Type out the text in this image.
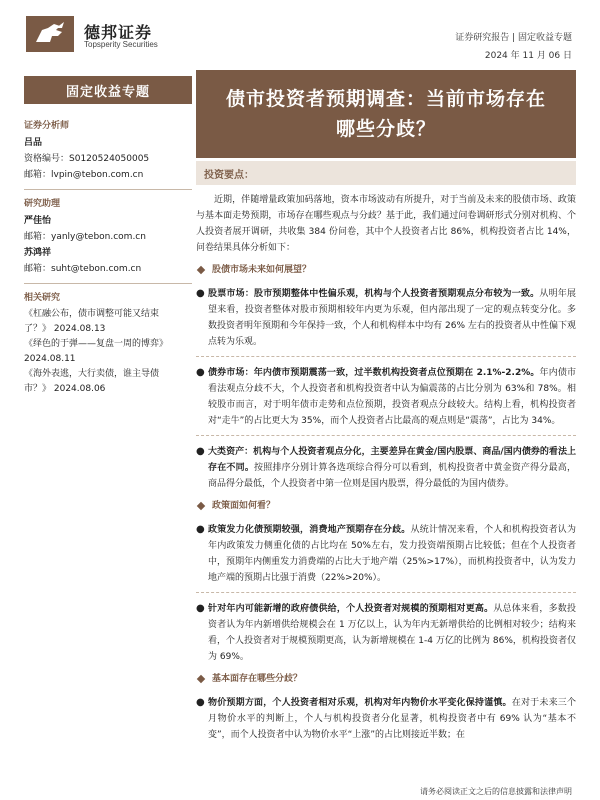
德邦证券
Topsperity Securities
证券研究报告 | 固定收益专题
2024 年 11 月 06 日
固定收益专题	债市投资者预期调查：当前市场存在
哪些分歧？
证券分析师
吕品
资格编号：S0120524050005
邮箱：lvpin@tebon.com.cn
研究助理
严佳怡
邮箱：yanly@tebon.com.cn
苏鸿祥
邮箱：suht@tebon.com.cn
相关研究
《杠融公布，债市调整可能又结束
了？》 2024.08.13
《绎色的于弹——复盘一周的博弈》
2024.08.11
《海外表逃，大行卖债，谁主导债
市？》 2024.08.06
投资要点：

近期，伴随增量政策加码落地，资本市场波动有所提升，对于当前及未来的股债市场、政策与基本面走势预期，市场存在哪些观点与分歧？基于此，我们通过问卷调研形式分别对机构、个人投资者展开调研，共收集 384 份问卷，其中个人投资者占比 86%，机构投资者占比 14%，问卷结果具体分析如下：

股债市场未来如何展望？
● 股票市场：股市预期整体中性偏乐观，机构与个人投资者预期观点分布较为一致。从明年展望来看，投资者整体对股市预期相较年内更为乐观，但内部出现了一定的观点转变分化。多数投资者明年预期和今年保持一致，个人和机构样本中均有 26% 左右的投资者从中性偏下观点转为乐观。
● 债券市场：年内债市预期震荡一致，过半数机构投资者点位预期在 2.1%-2.2%。年内债市看法观点分歧不大，个人投资者和机构投资者中认为偏震荡的占比分别为 63%和 78%。相较股市而言，对于明年债市走势和点位预期，投资者观点分歧较大。结构上看，机构投资者对“走牛”的占比更大为 35%，而个人投资者占比最高的观点则是“震荡”，占比为 34%。
● 大类资产：机构与个人投资者观点分化，主要差异在黄金/国内股票、商品/国内债券的看法上存在不同。按照排序分别计算各选项综合得分可以看到，机构投资者中黄金资产得分最高，商品得分最低，个人投资者中第一位则是国内股票，得分最低的为国内债券。
政策面如何看？
● 政策发力化债预期较强，消费地产预期存在分歧。从统计情况来看，个人和机构投资者认为年内政策发力侧重化债的占比均在 50%左右，发力投资端预期占比较低；但在个人投资者中，预期年内侧重发力消费端的占比大于地产端（25%>17%），而机构投资者中，认为发力地产端的预期占比强于消费（22%>20%）。
● 针对年内可能新增的政府债供给，个人投资者对规模的预期相对更高。从总体来看，多数投资者认为年内新增供给规模会在 1 万亿以上，认为年内无新增供给的比例相对较少；结构来看，个人投资者对于规模预期更高，认为新增规模在 1-4 万亿的比例为 86%，机构投资者仅为 69%。
基本面存在哪些分歧？
● 物价预期方面，个人投资者相对乐观，机构对年内物价水平变化保持谨慎。在对于未来三个月物价水平的判断上，个人与机构投资者分化显著，机构投资者中有 69% 认为“基本不变”，而个人投资者中认为物价水平“上涨”的占比则接近半数；在
请务必阅读正文之后的信息披露和法律声明
